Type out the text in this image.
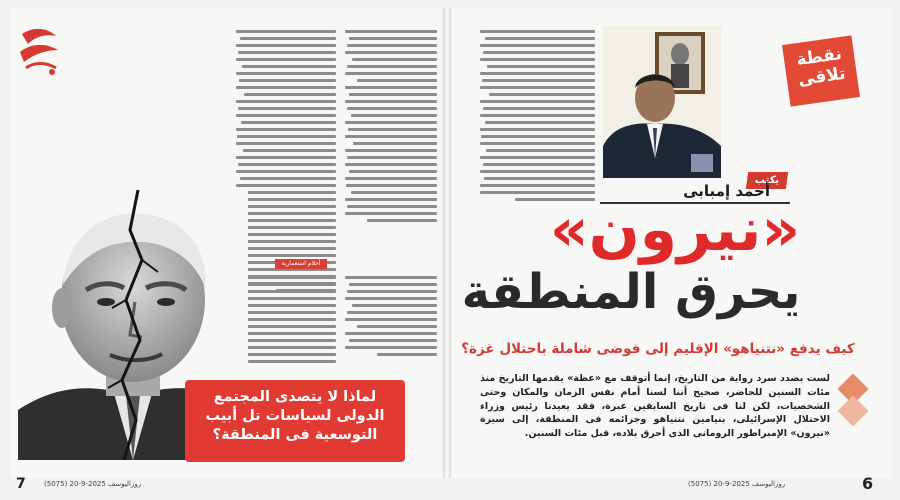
أحلام استعمارية
لماذا لا يتصدى المجتمع الدولى لسياسات تل أبيب التوسعية فى المنطقة؟
7	روزاليوسف 2025-9-20 (5075)
نقطة تلاقى
يكتب
أحمد إمبابى
«نيرون»
يحرق المنطقة
كيف يدفع «نتنياهو» الإقليم إلى فوضى شاملة باحتلال غزة؟
لست بصدد سرد رواية من التاريخ، إنما أتوقف مع «عظة» يقدمها التاريخ منذ مئات السنين للحاضر، صحيح أننا لسنا أمام نفس الزمان والمكان وحتى الشخصيات، لكن لنا فى تاريخ السابقين عبرة، فقد يعيدنا رئيس وزراء الاحتلال الإسرائيلى، بنيامين نتنياهو وجرائمه فى المنطقة، إلى سيرة «نيرون» الإمبراطور الرومانى الذى أحرق بلاده، قبل مئات السنين.
6
روزاليوسف 2025-9-20 (5075)
